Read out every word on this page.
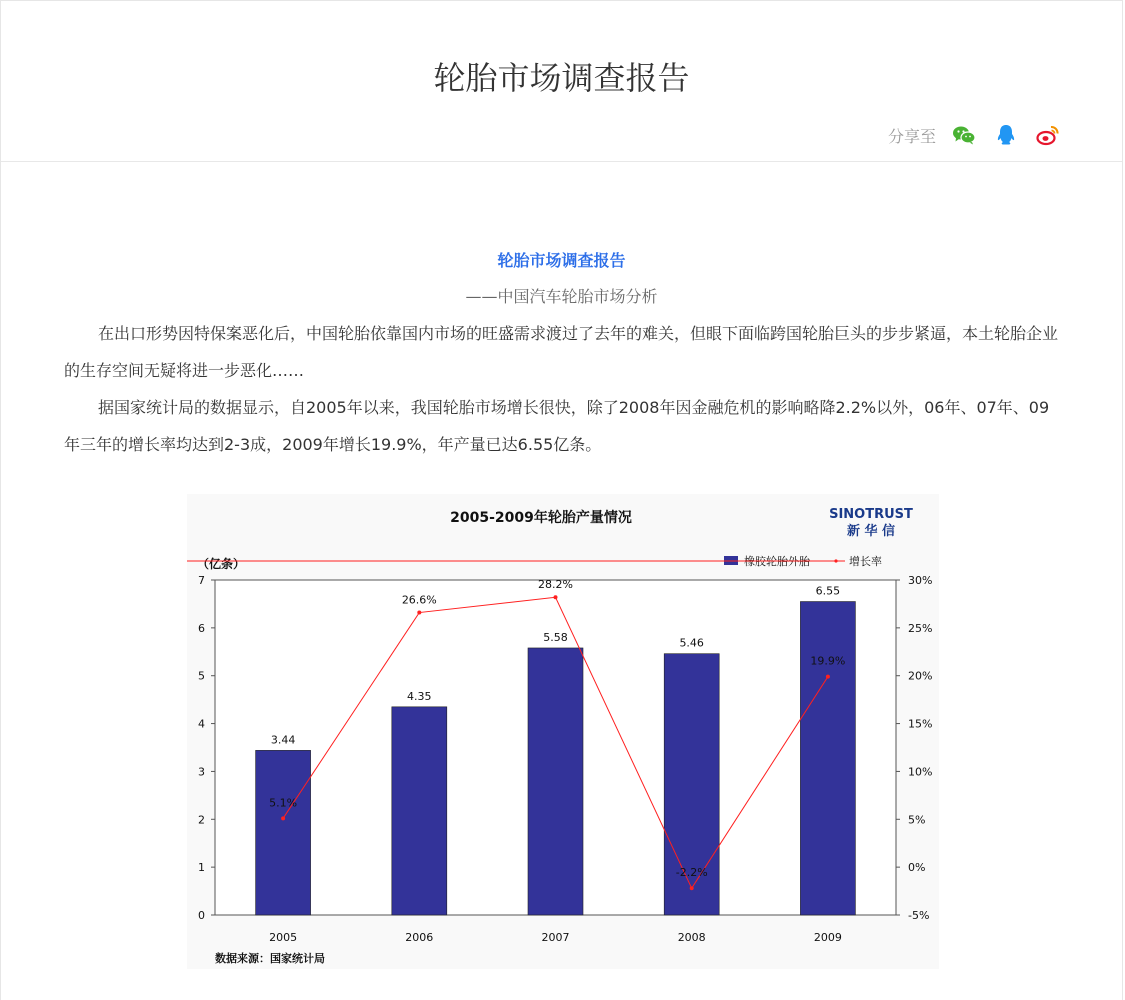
轮胎市场调查报告
分享至
轮胎市场调查报告
——中国汽车轮胎市场分析

在出口形势因特保案恶化后，中国轮胎依靠国内市场的旺盛需求渡过了去年的难关，但眼下面临跨国轮胎巨头的步步紧逼，本土轮胎企业的生存空间无疑将进一步恶化……

据国家统计局的数据显示，自2005年以来，我国轮胎市场增长很快，除了2008年因金融危机的影响略降2.2%以外，06年、07年、09年三年的增长率均达到2-3成，2009年增长19.9%，年产量已达6.55亿条。

2005-2009年轮胎产量情况	SINOTRUST
新 华 信
（亿条）	橡胶轮胎外胎	增长率
0
1
2
3
4
5
6
7
-5%
0%
5%
10%
15%
20%
25%
30%
2005	2006	2007	2008	2009
3.44
4.35
5.58	5.46
6.55
5.1%
26.6%
28.2%
-2.2%
19.9%
数据来源：国家统计局
